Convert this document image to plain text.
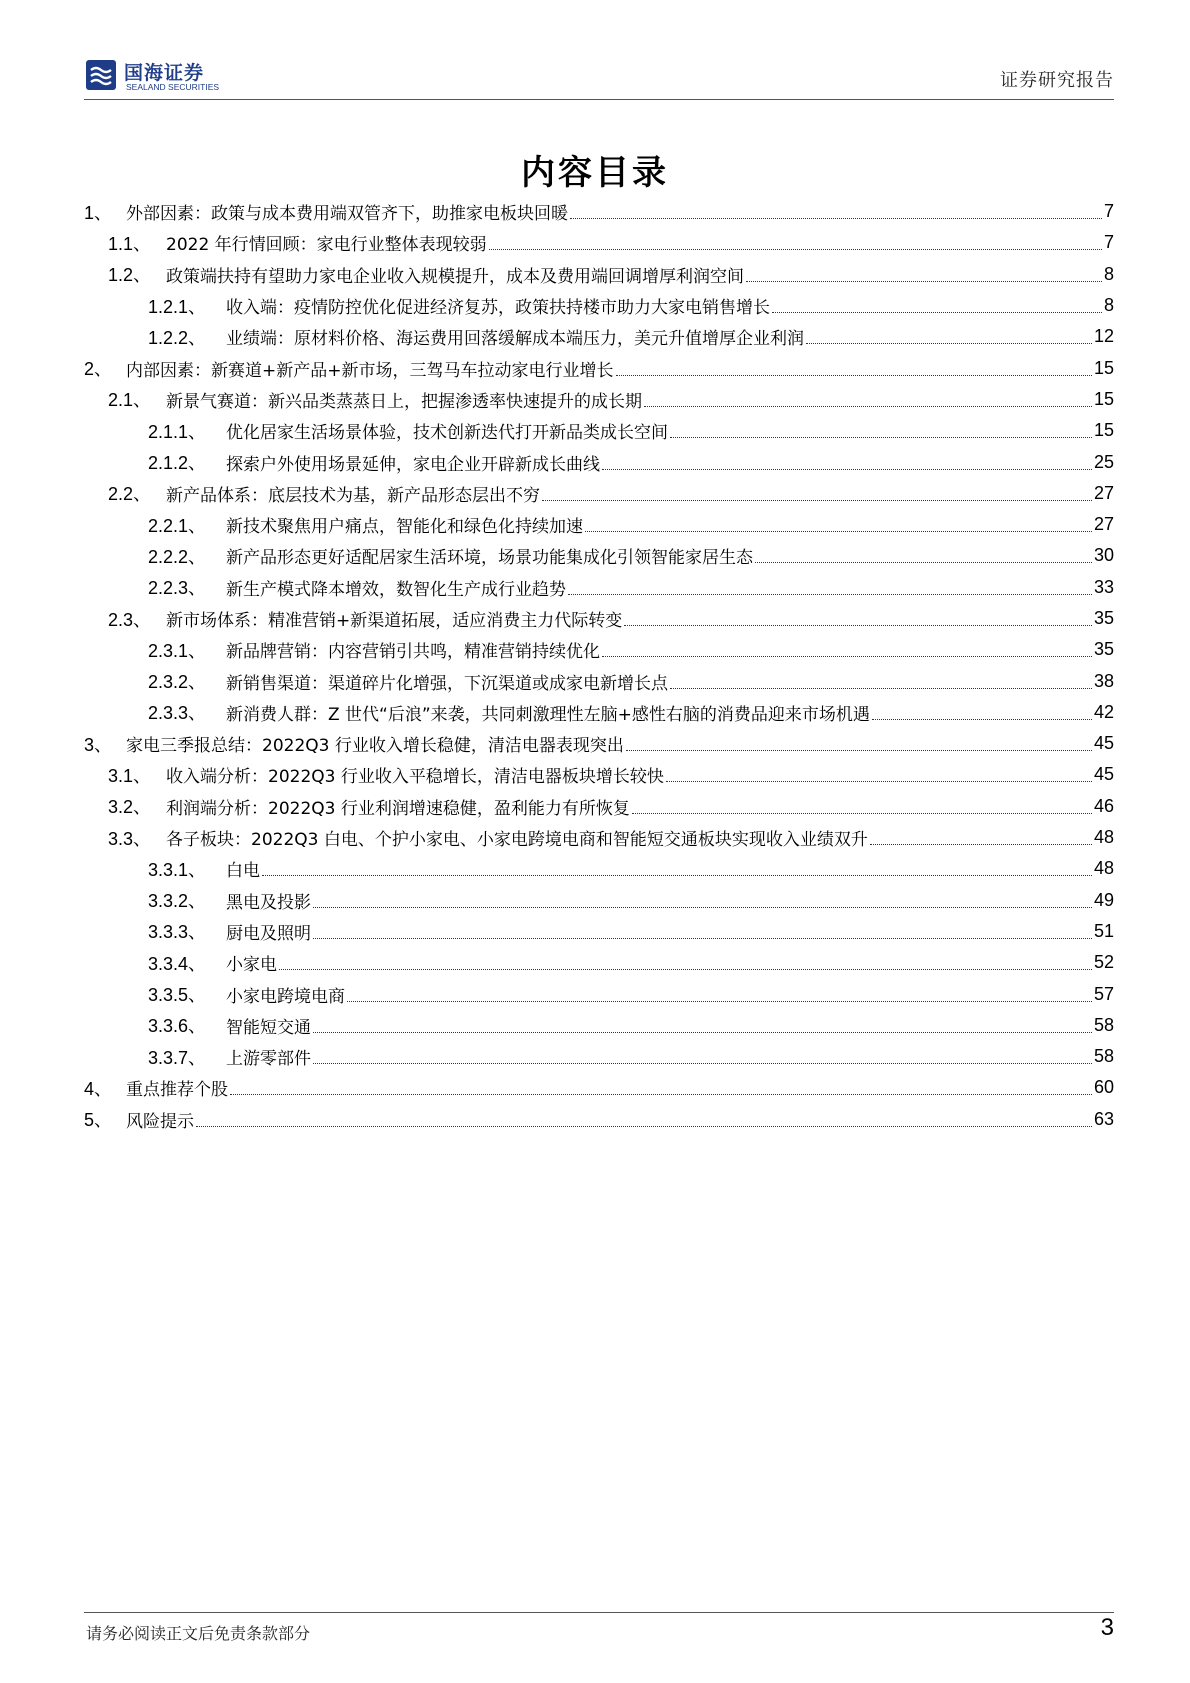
国海证券
SEALAND SECURITIES	证券研究报告
内容目录
1、 外部因素：政策与成本费用端双管齐下，助推家电板块回暖	7
1.1、 2022 年行情回顾：家电行业整体表现较弱	7
1.2、 政策端扶持有望助力家电企业收入规模提升，成本及费用端回调增厚利润空间	8
1.2.1、	收入端：疫情防控优化促进经济复苏，政策扶持楼市助力大家电销售增长	8
1.2.2、	业绩端：原材料价格、海运费用回落缓解成本端压力，美元升值增厚企业利润	12
2、 内部因素：新赛道+新产品+新市场，三驾马车拉动家电行业增长	15
2.1、 新景气赛道：新兴品类蒸蒸日上，把握渗透率快速提升的成长期	15
2.1.1、	优化居家生活场景体验，技术创新迭代打开新品类成长空间	15
2.1.2、	探索户外使用场景延伸，家电企业开辟新成长曲线	25
2.2、 新产品体系：底层技术为基，新产品形态层出不穷	27
2.2.1、	新技术聚焦用户痛点，智能化和绿色化持续加速	27
2.2.2、	新产品形态更好适配居家生活环境，场景功能集成化引领智能家居生态	30
2.2.3、	新生产模式降本增效，数智化生产成行业趋势	33
2.3、 新市场体系：精准营销+新渠道拓展，适应消费主力代际转变	35
2.3.1、	新品牌营销：内容营销引共鸣，精准营销持续优化	35
2.3.2、	新销售渠道：渠道碎片化增强，下沉渠道或成家电新增长点	38
2.3.3、	新消费人群：Z 世代“后浪”来袭，共同刺激理性左脑+感性右脑的消费品迎来市场机遇	42
3、 家电三季报总结：2022Q3 行业收入增长稳健，清洁电器表现突出	45
3.1、 收入端分析：2022Q3 行业收入平稳增长，清洁电器板块增长较快	45
3.2、 利润端分析：2022Q3 行业利润增速稳健，盈利能力有所恢复	46
3.3、 各子板块：2022Q3 白电、个护小家电、小家电跨境电商和智能短交通板块实现收入业绩双升	48
3.3.1、	白电	48
3.3.2、	黑电及投影	49
3.3.3、	厨电及照明	51
3.3.4、	小家电	52
3.3.5、	小家电跨境电商	57
3.3.6、	智能短交通	58
3.3.7、	上游零部件	58
4、 重点推荐个股	60
5、 风险提示	63
请务必阅读正文后免责条款部分	3
